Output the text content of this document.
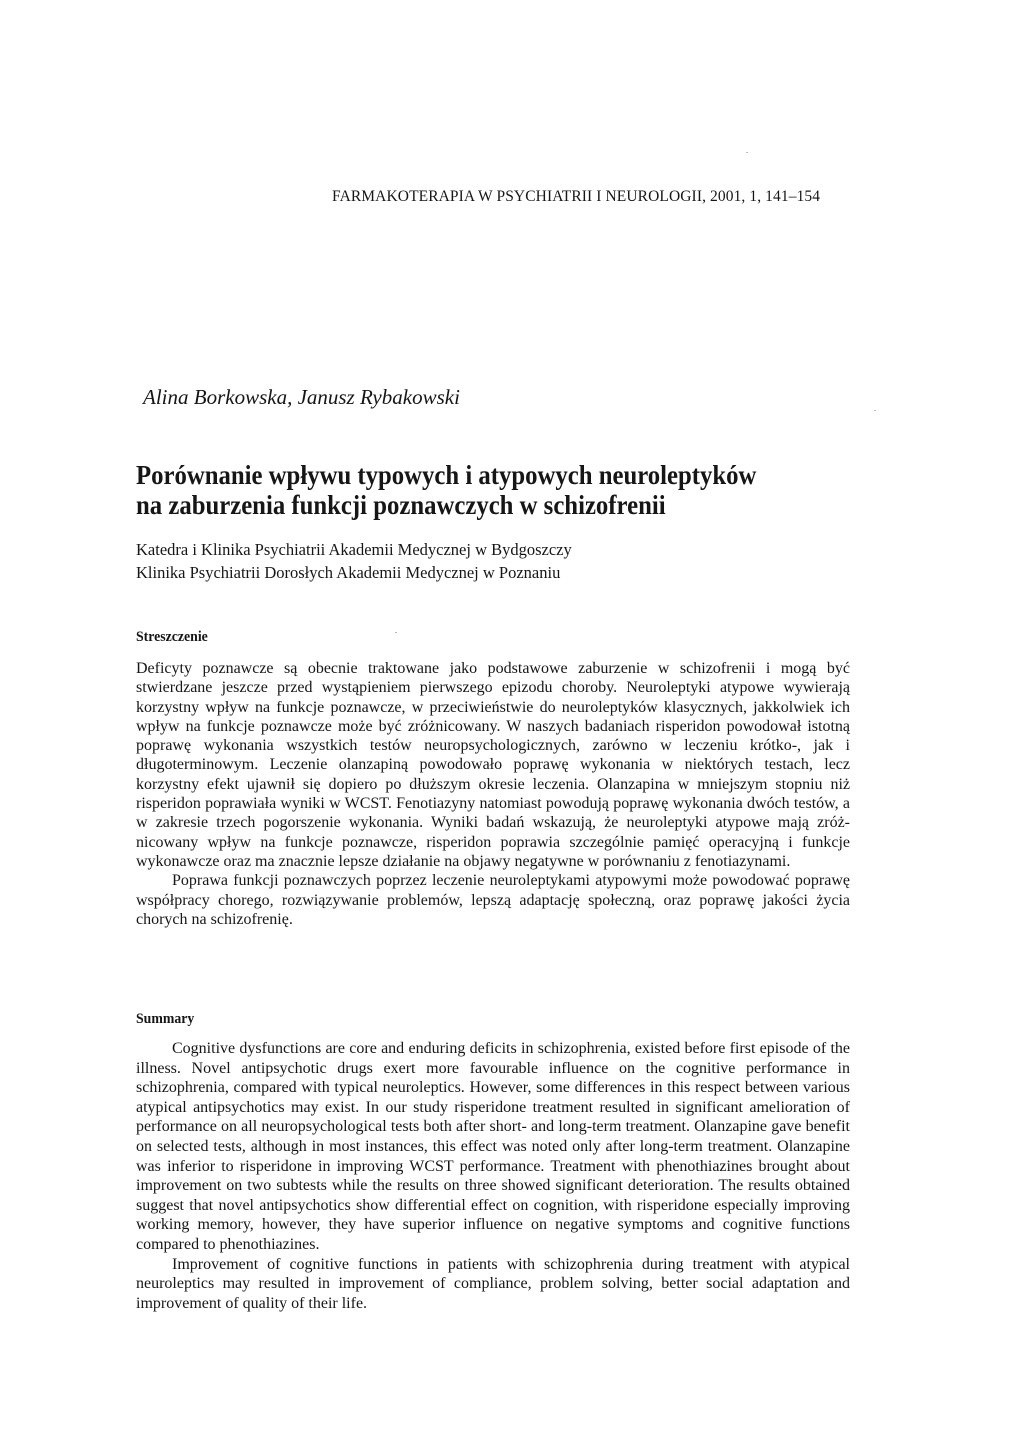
FARMAKOTERAPIA W PSYCHIATRII I NEUROLOGII, 2001, 1, 141–154
Alina Borkowska, Janusz Rybakowski
Porównanie wpływu typowych i atypowych neuroleptyków
na zaburzenia funkcji poznawczych w schizofrenii
Katedra i Klinika Psychiatrii Akademii Medycznej w Bydgoszczy
Klinika Psychiatrii Dorosłych Akademii Medycznej w Poznaniu
Streszczenie

Deficyty poznawcze są obecnie traktowane jako podstawowe zaburzenie w schizofrenii i mogą być stwierdzane jeszcze przed wystąpieniem pierwszego epizodu choroby. Neuroleptyki atypowe wywierają korzystny wpływ na funkcje poznawcze, w przeciwieństwie do neuroleptyków klasycznych, jakkolwiek ich wpływ na funkcje poznawcze może być zróżnicowany. W naszych badaniach risperidon powodował istotną poprawę wykonania wszystkich testów neuropsychologicznych, zarówno w leczeniu krótko-, jak i długoterminowym. Leczenie olanzapiną powodowało poprawę wykonania w niektórych testach, lecz korzystny efekt ujawnił się dopiero po dłuższym okresie leczenia. Olanzapina w mniejszym stopniu niż risperidon poprawiała wyniki w WCST. Fenotiazyny natomiast powodują poprawę wykonania dwóch testów, a w zakresie trzech pogorszenie wykonania. Wyniki badań wskazują, że neuroleptyki atypowe mają zróżnicowany wpływ na funkcje poznawcze, risperidon poprawia szczególnie pamięć operacyjną i funkcje wykonawcze oraz ma znacznie lepsze działanie na objawy negatywne w porównaniu z fenotiazynami.

Poprawa funkcji poznawczych poprzez leczenie neuroleptykami atypowymi może powodować poprawę współpracy chorego, rozwiązywanie problemów, lepszą adaptację społeczną, oraz poprawę jakości życia chorych na schizofrenię.

Summary

Cognitive dysfunctions are core and enduring deficits in schizophrenia, existed before first episode of the illness. Novel antipsychotic drugs exert more favourable influence on the cognitive performance in schizophrenia, compared with typical neuroleptics. However, some differences in this respect between various atypical antipsychotics may exist. In our study risperidone treatment resulted in significant amelioration of performance on all neuropsychological tests both after short- and long-term treatment. Olanzapine gave benefit on selected tests, although in most instances, this effect was noted only after long-term treatment. Olanzapine was inferior to risperidone in improving WCST performance. Treatment with phenothiazines brought about improvement on two subtests while the results on three showed significant deterioration. The results obtained suggest that novel antipsychotics show differential effect on cognition, with risperidone especially improving working memory, however, they have superior influence on negative symptoms and cognitive functions compared to phenothiazines.

Improvement of cognitive functions in patients with schizophrenia during treatment with atypical neuroleptics may resulted in improvement of compliance, problem solving, better social adaptation and improvement of quality of their life.
